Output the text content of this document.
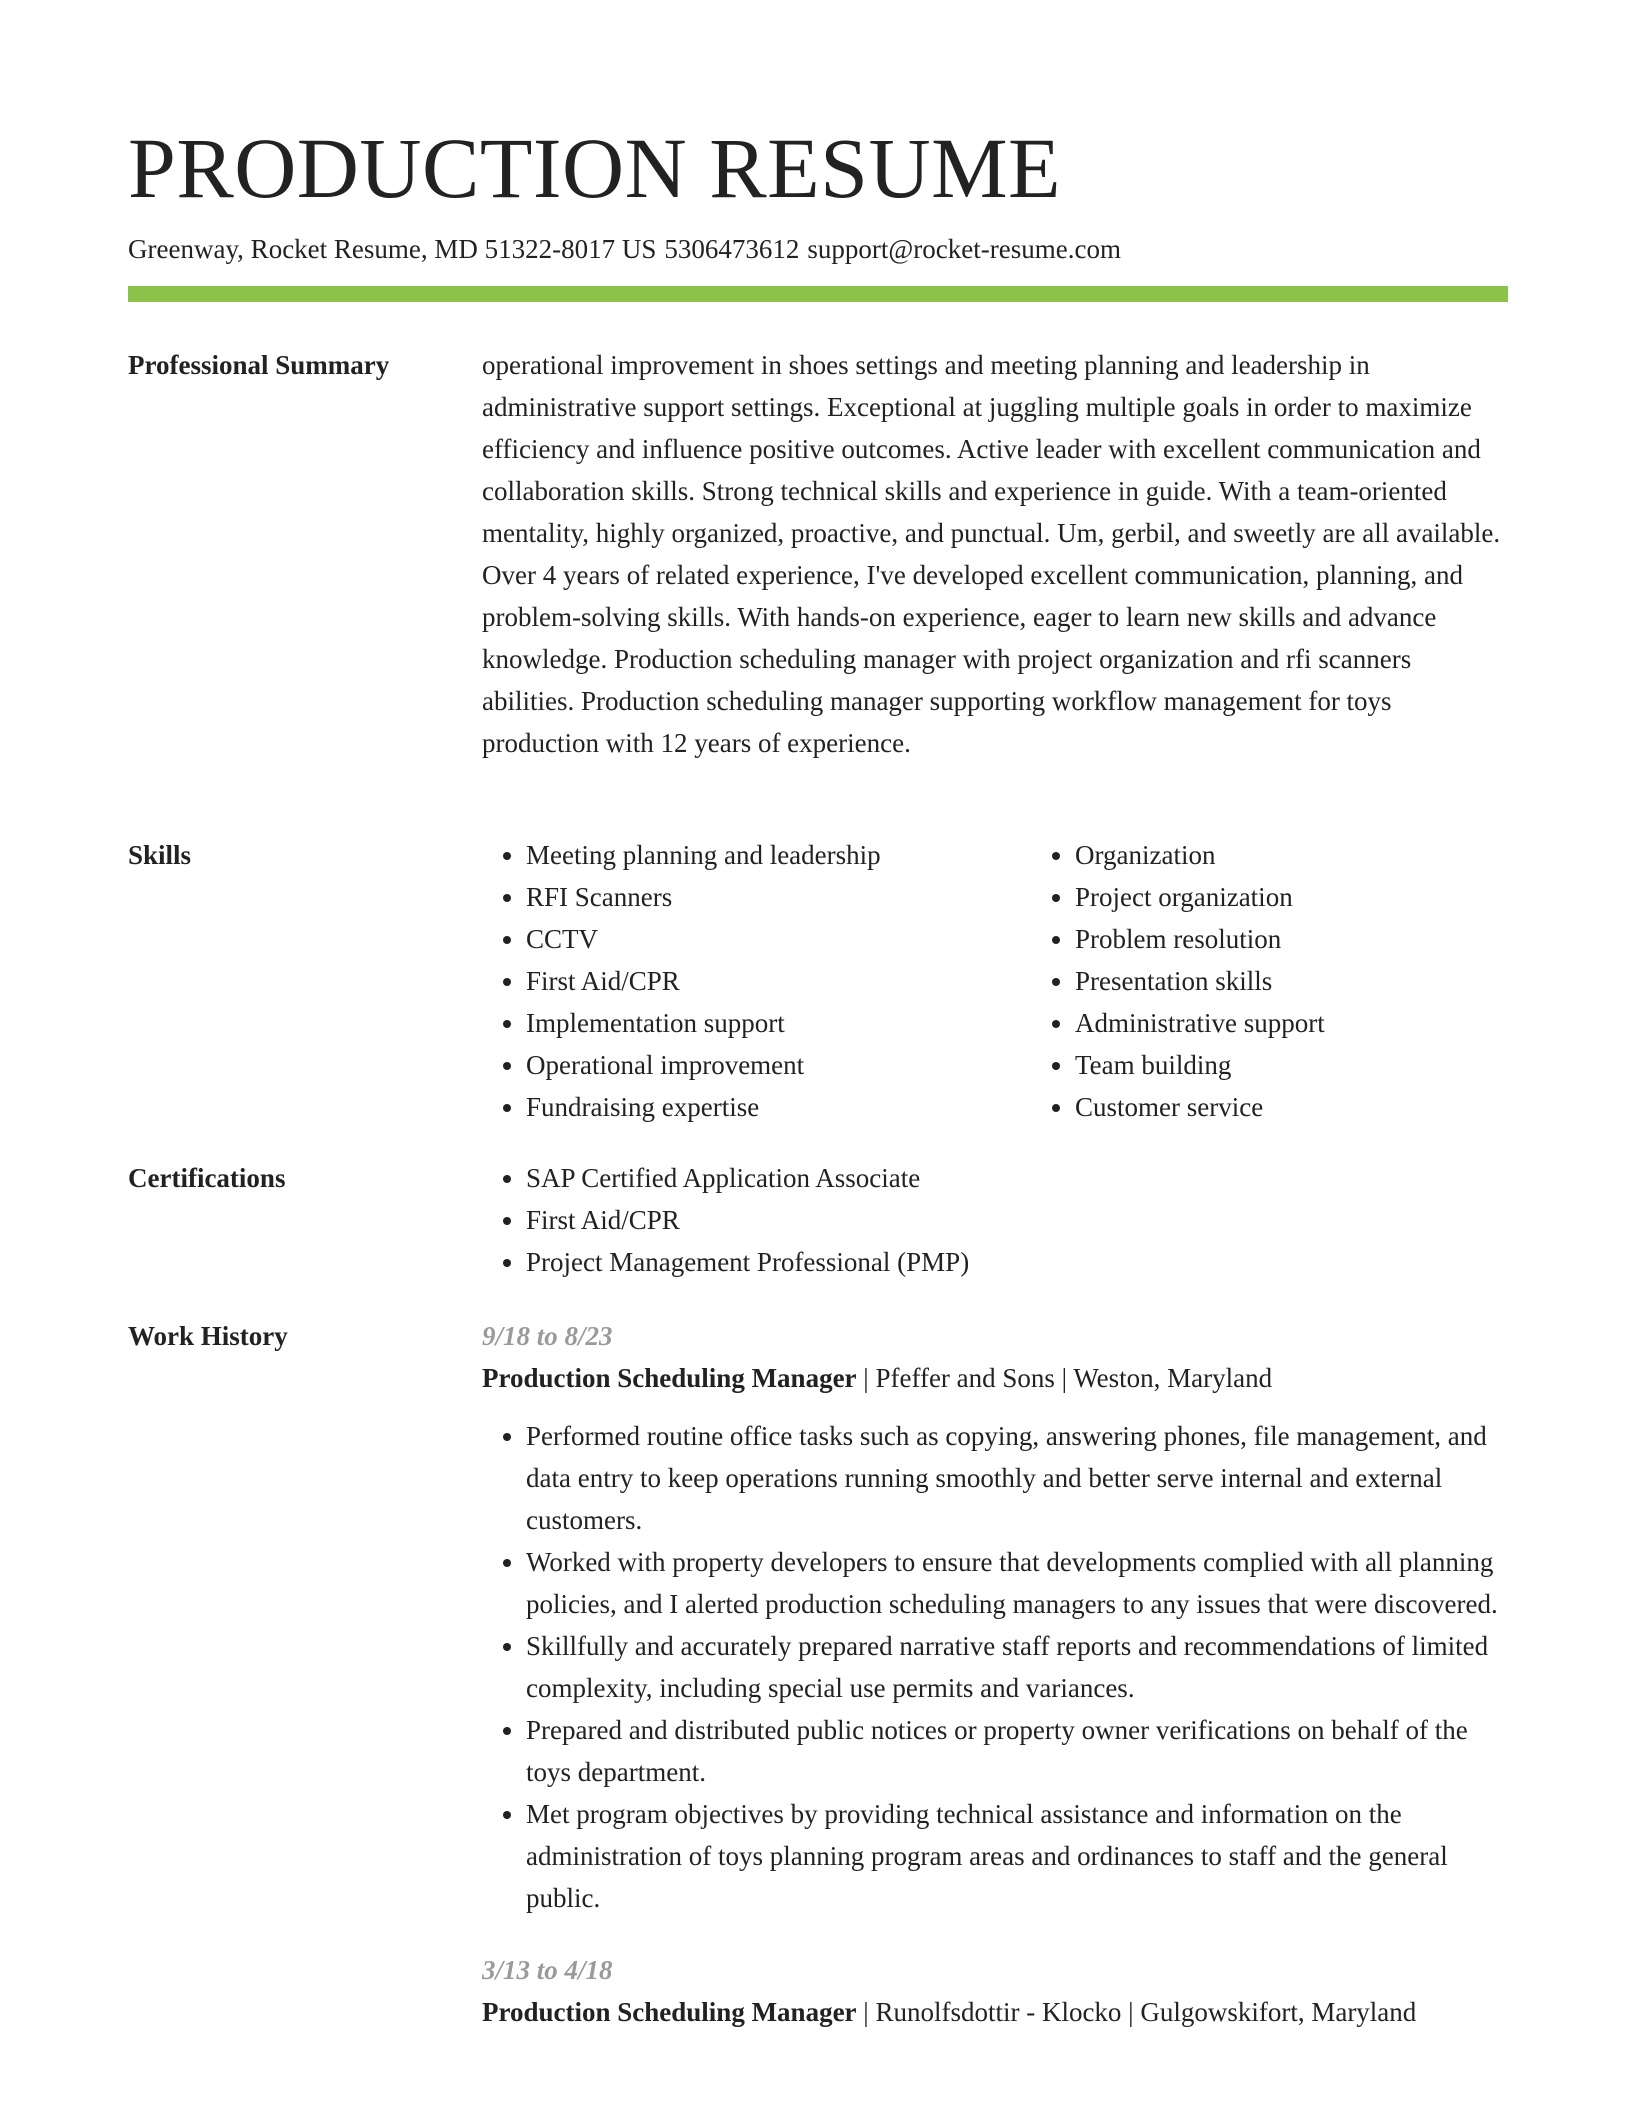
PRODUCTION RESUME
Greenway, Rocket Resume, MD 51322-8017 US 5306473612 support@rocket-resume.com
Professional Summary	operational improvement in shoes settings and meeting planning and leadership in administrative support settings. Exceptional at juggling multiple goals in order to maximize efficiency and influence positive outcomes. Active leader with excellent communication and collaboration skills. Strong technical skills and experience in guide. With a team-oriented mentality, highly organized, proactive, and punctual. Um, gerbil, and sweetly are all available. Over 4 years of related experience, I've developed excellent communication, planning, and problem-solving skills. With hands-on experience, eager to learn new skills and advance knowledge. Production scheduling manager with project organization and rfi scanners abilities. Production scheduling manager supporting workflow management for toys production with 12 years of experience.

Skills	• Meeting planning and leadership
• RFI Scanners
• CCTV
• First Aid/CPR
• Implementation support
• Operational improvement
• Fundraising expertise
• Organization
• Project organization
• Problem resolution
• Presentation skills
• Administrative support
• Team building
• Customer service
Certifications	• SAP Certified Application Associate
• First Aid/CPR
• Project Management Professional (PMP)
Work History	9/18 to 8/23
Production Scheduling Manager | Pfeffer and Sons | Weston, Maryland
• Performed routine office tasks such as copying, answering phones, file management, and data entry to keep operations running smoothly and better serve internal and external customers.
• Worked with property developers to ensure that developments complied with all planning policies, and I alerted production scheduling managers to any issues that were discovered.
• Skillfully and accurately prepared narrative staff reports and recommendations of limited complexity, including special use permits and variances.
• Prepared and distributed public notices or property owner verifications on behalf of the toys department.
• Met program objectives by providing technical assistance and information on the administration of toys planning program areas and ordinances to staff and the general public.
3/13 to 4/18
Production Scheduling Manager | Runolfsdottir - Klocko | Gulgowskifort, Maryland
